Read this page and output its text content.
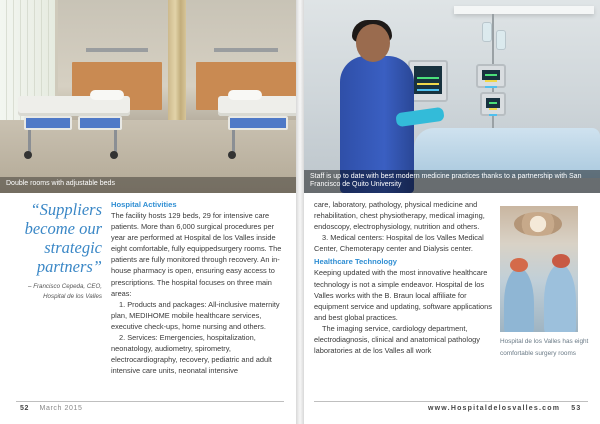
Double rooms with adjustable beds
“Suppliers become our strategic partners”
– Francisco Cepeda, CEO,
Hospital de los Valles
Hospital Activities

The facility hosts 129 beds, 29 for intensive care patients. More than 6,000 surgical procedures per year are performed at Hospital de los Valles inside eight comfortable, fully equippedsurgery rooms. The patients are fully monitored through recovery. An in-house pharmacy is open, ensuring easy access to prescriptions. The hospital focuses on three main areas:

1. Products and packages: All-inclusive maternity plan, MEDIHOME mobile healthcare services, executive check-ups, home nursing and others.

2. Services: Emergencies, hospitalization, neonatology, audiometry, spirometry, electrocardiography, recovery, pediatric and adult intensive care units, neonatal intensive

52 March 2015
Staff is up to date with best modern medicine practices thanks to a partnership with San Francisco de Quito University

care, laboratory, pathology, physical medicine and rehabilitation, chest physiotherapy, medical imaging, endoscopy, electrophysiology, nutrition and others.

3. Medical centers: Hospital de los Valles Medical Center, Chemoterapy center and Dialysis center.

Healthcare Technology

Keeping updated with the most innovative healthcare technology is not a simple endeavor. Hospital de los Valles works with the B. Braun local affiliate for equipment service and updating, software applications and best global practices.

The imaging service, cardiology department, electrodiagnosis, clinical and anatomical pathology laboratories at de los Valles all work

Hospital de los Valles has eight comfortable surgery rooms
www.Hospitaldelosvalles.com 53
